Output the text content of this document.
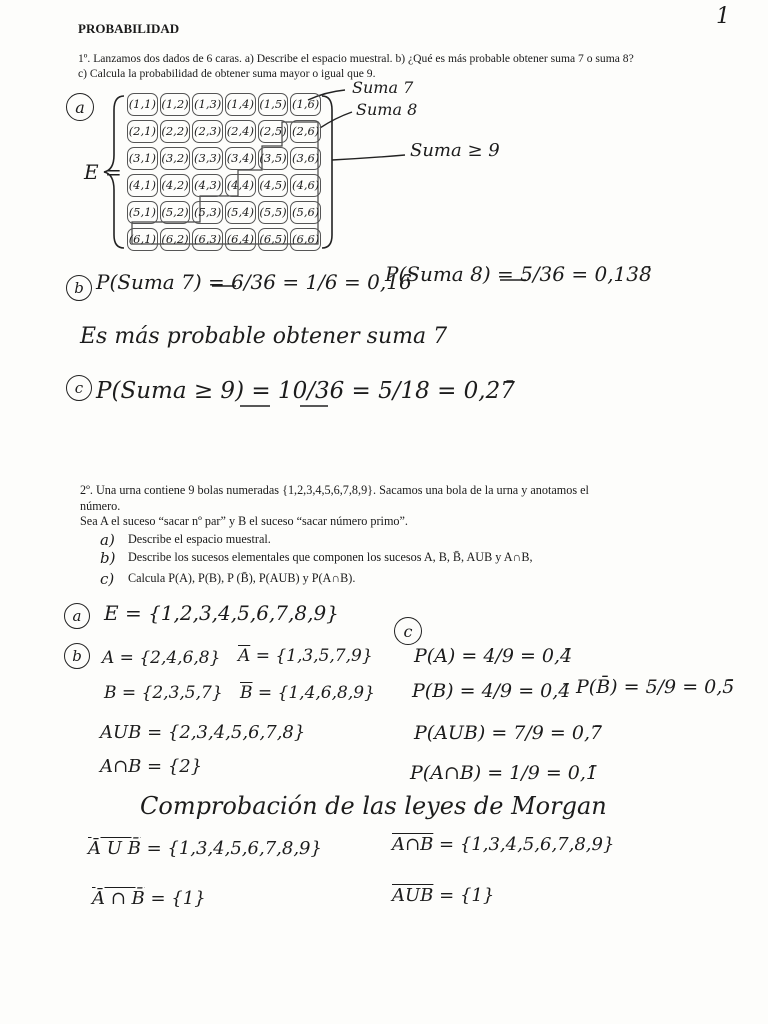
1
PROBABILIDAD
1º. Lanzamos dos dados de 6 caras. a) Describe el espacio muestral. b) ¿Qué es más probable obtener suma 7 o suma 8?
c) Calcula la probabilidad de obtener suma mayor o igual que 9.
a
E =
(1,1) (1,2) (1,3) (1,4) (1,5) (1,6)
(2,1) (2,2) (2,3) (2,4) (2,5) (2,6)
(3,1) (3,2) (3,3) (3,4) (3,5) (3,6)
(4,1) (4,2) (4,3) (4,4) (4,5) (4,6)
(5,1) (5,2) (5,3) (5,4) (5,5) (5,6)
(6,1) (6,2) (6,3) (6,4) (6,5) (6,6)
Suma 7
Suma 8
Suma ≥ 9
b P(Suma 7) = 6/36 = 1/6 = 0,16̄
P(Suma 8) = 5/36 = 0,138̄
Es más probable obtener suma 7
c P(Suma ≥ 9) = 10/36 = 5/18 = 0,27̄
2º. Una urna contiene 9 bolas numeradas {1,2,3,4,5,6,7,8,9}. Sacamos una bola de la urna y anotamos el
número.
Sea A el suceso “sacar nº par” y B el suceso “sacar número primo”.
a) Describe el espacio muestral.
b) Describe los sucesos elementales que componen los sucesos A, B, B̄, AUB y A∩B,
c) Calcula P(A), P(B), P (B̄), P(AUB) y P(A∩B).
a E = {1,2,3,4,5,6,7,8,9}
b A = {2,4,6,8} $\overline{A} = \{1,3,5,7,9\}$
B = {2,3,5,7} $\overline{B} = \{1,4,6,8,9\}$
AUB = {2,3,4,5,6,7,8}
A∩B = {2}
c
P(A) = 4/9 = 0,4̄
P(B) = 4/9 = 0,4̄ P(B̄) = 5/9 = 0,5̄
P(AUB) = 7/9 = 0,7̄
P(A∩B) = 1/9 = 0,1̄
Comprobación de las leyes de Morgan
Ā U B̄ = {1,3,4,5,6,7,8,9}	A∩B = {1,3,4,5,6,7,8,9}
Ā ∩ B̄ = {1}	$\overline{AUB} = \{1\}$
